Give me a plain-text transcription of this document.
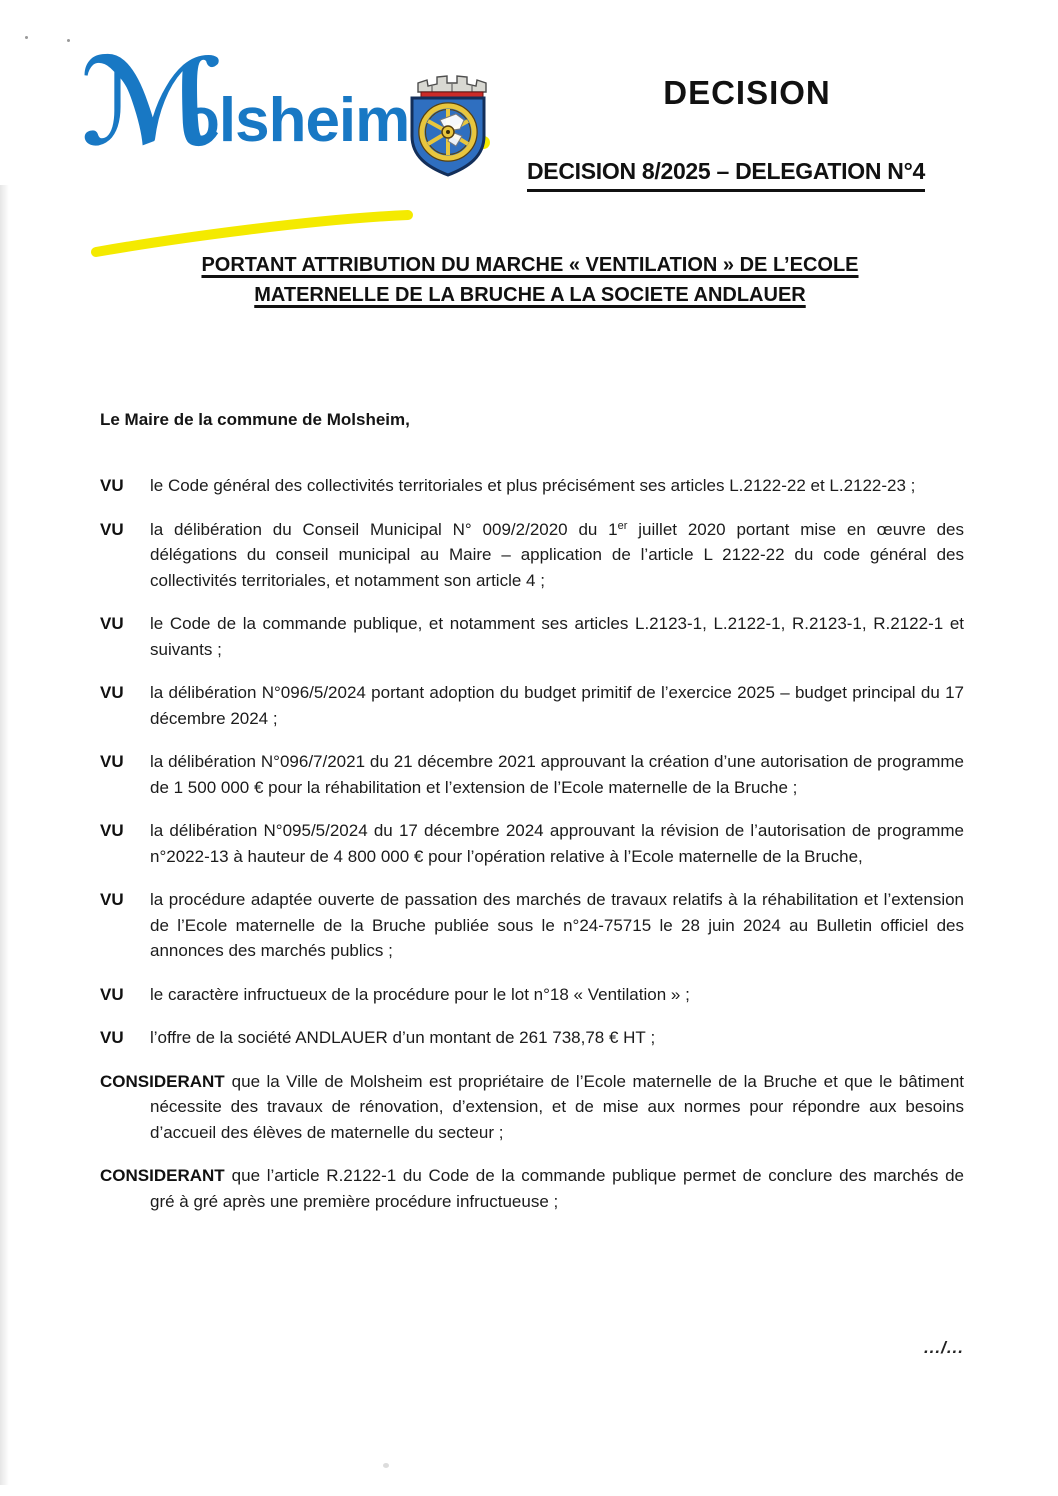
ℳ
olsheim	DECISION
DECISION 8/2025 – DELEGATION N°4
PORTANT ATTRIBUTION DU MARCHE « VENTILATION » DE L’ECOLE
MATERNELLE DE LA BRUCHE A LA SOCIETE ANDLAUER
Le Maire de la commune de Molsheim,

VU le Code général des collectivités territoriales et plus précisément ses articles L.2122-22 et L.2122-23 ;

VU la délibération du Conseil Municipal N° 009/2/2020 du 1er juillet 2020 portant mise en œuvre des délégations du conseil municipal au Maire – application de l’article L 2122-22 du code général des collectivités territoriales, et notamment son article 4 ;

VU le Code de la commande publique, et notamment ses articles L.2123-1, L.2122-1, R.2123-1, R.2122-1 et suivants ;

VU la délibération N°096/5/2024 portant adoption du budget primitif de l’exercice 2025 – budget principal du 17 décembre 2024 ;

VU la délibération N°096/7/2021 du 21 décembre 2021 approuvant la création d’une autorisation de programme de 1 500 000 € pour la réhabilitation et l’extension de l’Ecole maternelle de la Bruche ;

VU la délibération N°095/5/2024 du 17 décembre 2024 approuvant la révision de l’autorisation de programme n°2022-13 à hauteur de 4 800 000 € pour l’opération relative à l’Ecole maternelle de la Bruche,

VU la procédure adaptée ouverte de passation des marchés de travaux relatifs à la réhabilitation et l’extension de l’Ecole maternelle de la Bruche publiée sous le n°24-75715 le 28 juin 2024 au Bulletin officiel des annonces des marchés publics ;

VU le caractère infructueux de la procédure pour le lot n°18 « Ventilation » ;

VU l’offre de la société ANDLAUER d’un montant de 261 738,78 € HT ;

CONSIDERANT que la Ville de Molsheim est propriétaire de l’Ecole maternelle de la Bruche et que le bâtiment nécessite des travaux de rénovation, d’extension, et de mise aux normes pour répondre aux besoins d’accueil des élèves de maternelle du secteur ;

CONSIDERANT que l’article R.2122-1 du Code de la commande publique permet de conclure des marchés de gré à gré après une première procédure infructueuse ;

.../...
